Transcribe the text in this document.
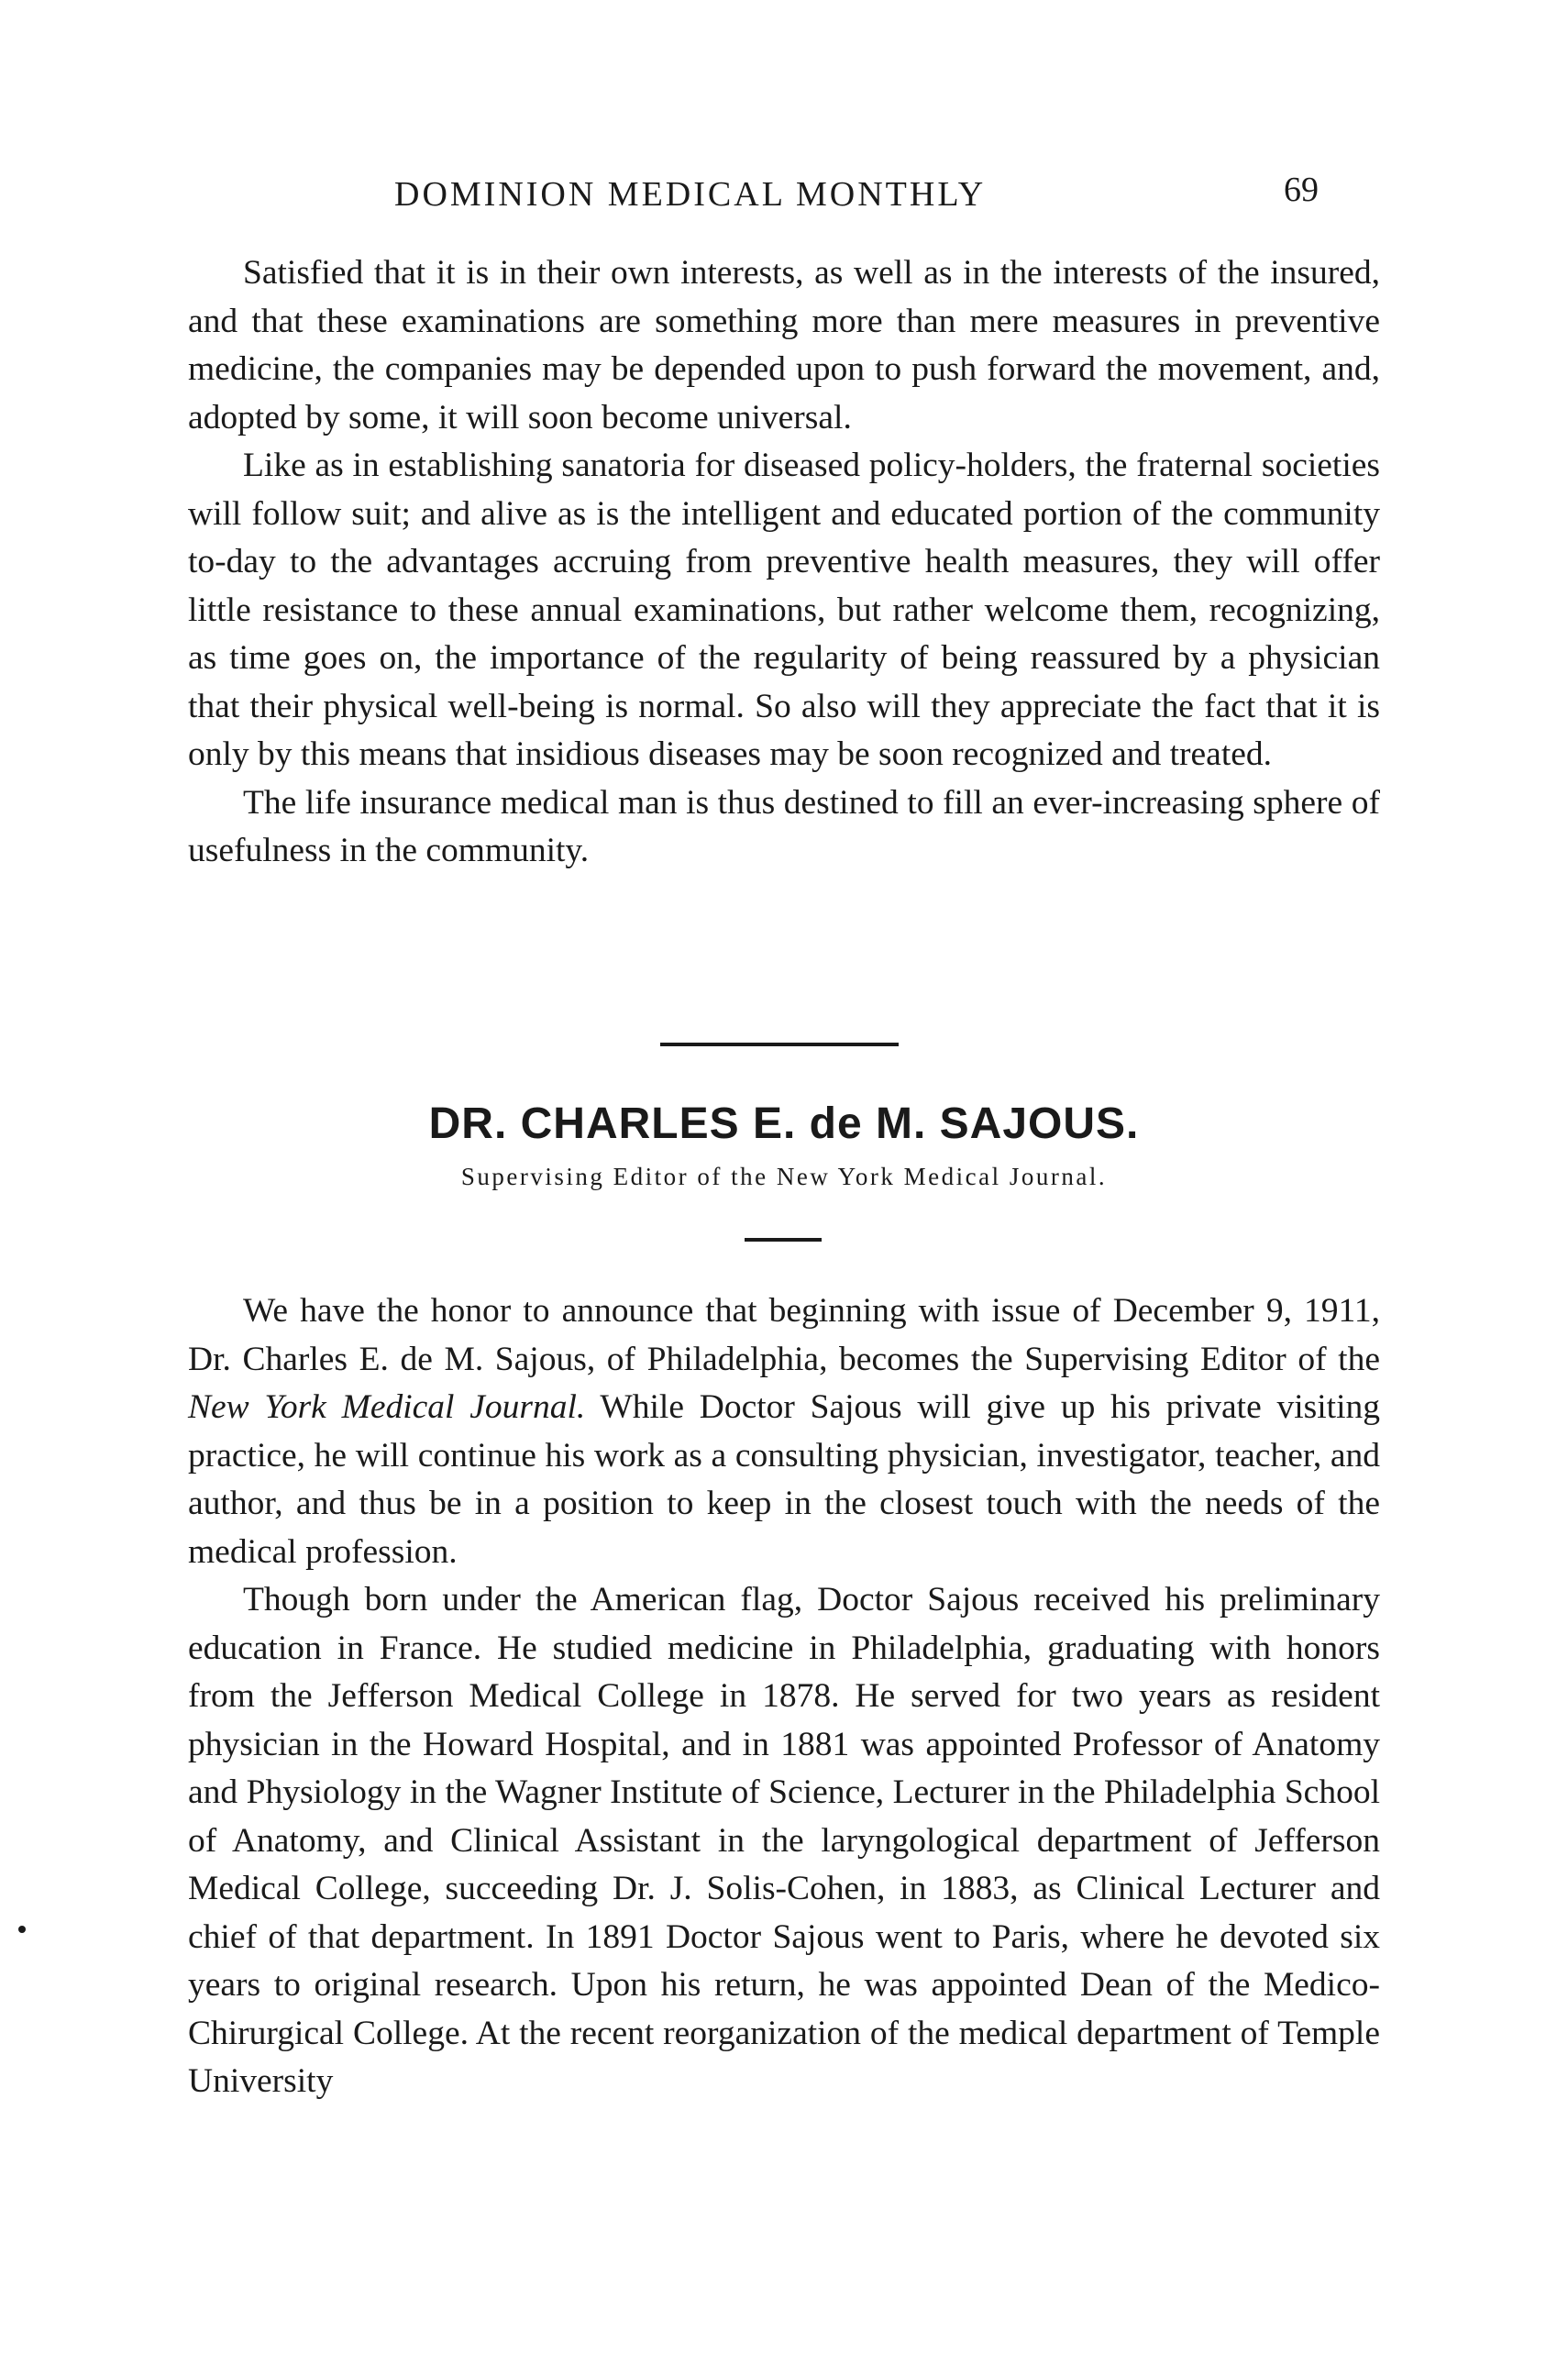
DOMINION MEDICAL MONTHLY	69

Satisfied that it is in their own interests, as well as in the interests of the insured, and that these examinations are something more than mere measures in preventive medicine, the companies may be depended upon to push forward the movement, and, adopted by some, it will soon become universal.

Like as in establishing sanatoria for diseased policy-holders, the fraternal societies will follow suit; and alive as is the intelligent and educated portion of the community to-day to the advantages accruing from preventive health measures, they will offer little resistance to these annual examinations, but rather welcome them, recognizing, as time goes on, the importance of the regularity of being reassured by a physician that their physical well-being is normal. So also will they appreciate the fact that it is only by this means that insidious diseases may be soon recognized and treated.

The life insurance medical man is thus destined to fill an ever-increasing sphere of usefulness in the community.

DR. CHARLES E. de M. SAJOUS.
Supervising Editor of the New York Medical Journal.

We have the honor to announce that beginning with issue of December 9, 1911, Dr. Charles E. de M. Sajous, of Philadelphia, becomes the Supervising Editor of the New York Medical Journal. While Doctor Sajous will give up his private visiting practice, he will continue his work as a consulting physician, investigator, teacher, and author, and thus be in a position to keep in the closest touch with the needs of the medical profession.

Though born under the American flag, Doctor Sajous received his preliminary education in France. He studied medicine in Philadelphia, graduating with honors from the Jefferson Medical College in 1878. He served for two years as resident physician in the Howard Hospital, and in 1881 was appointed Professor of Anatomy and Physiology in the Wagner Institute of Science, Lecturer in the Philadelphia School of Anatomy, and Clinical Assistant in the laryngological department of Jefferson Medical College, succeeding Dr. J. Solis-Cohen, in 1883, as Clinical Lecturer and chief of that department. In 1891 Doctor Sajous went to Paris, where he devoted six years to original research. Upon his return, he was appointed Dean of the Medico-Chirurgical College. At the recent reorganization of the medical department of Temple University
